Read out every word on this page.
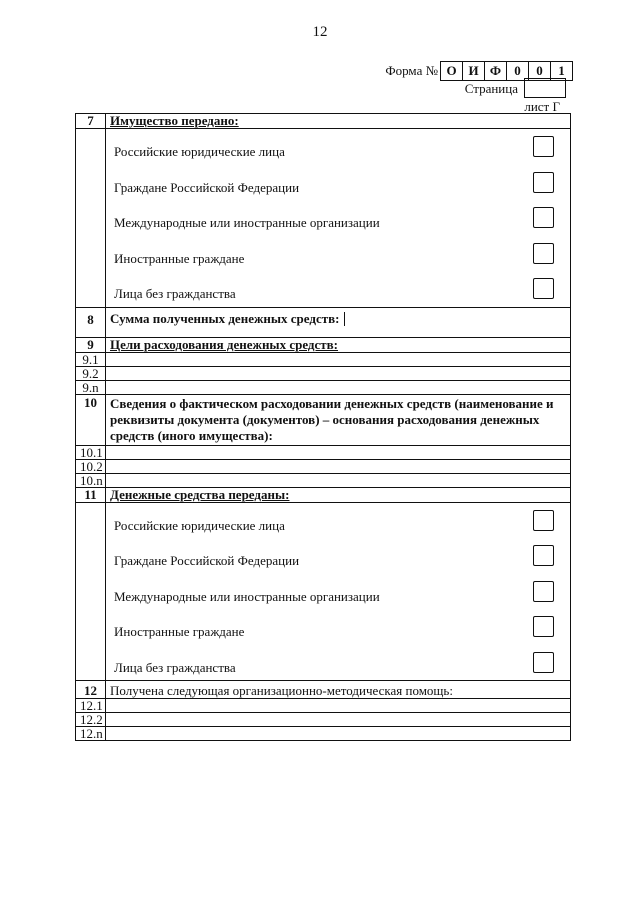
12
Форма № О И Ф	0	0	1
Страница
лист Г
7	Имущество передано:

	Российские юридические лица
Граждане Российской Федерации
Международные или иностранные организации
Иностранные граждане
Лица без гражданства

8	Сумма полученных денежных средств:
9	Цели расходования денежных средств:
9.1	
9.2	
9.n	
10	Сведения о фактическом расходовании денежных средств (наименование и реквизиты документа (документов) – основания расходования денежных средств (иного имущества):
10.1	
10.2	
10.n	
11	Денежные средства переданы:

	Российские юридические лица
Граждане Российской Федерации
Международные или иностранные организации
Иностранные граждане
Лица без гражданства

12	Получена следующая организационно-методическая помощь:
12.1	
12.2	
12.n	
